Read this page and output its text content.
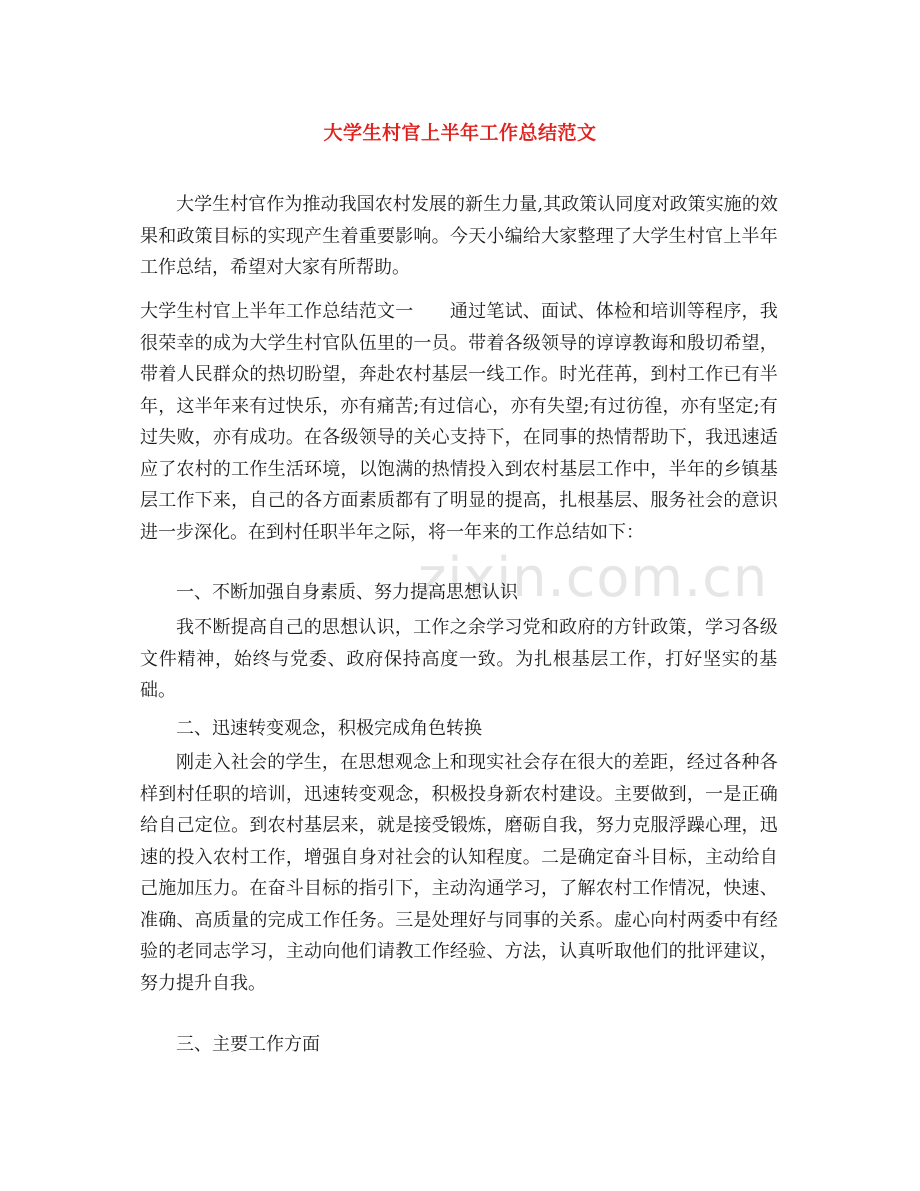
大学生村官上半年工作总结范文
zixin.com.cn
大学生村官作为推动我国农村发展的新生力量,其政策认同度对政策实施的效
果和政策目标的实现产生着重要影响。今天小编给大家整理了大学生村官上半年
工作总结，希望对大家有所帮助。
大学生村官上半年工作总结范文一　　通过笔试、面试、体检和培训等程序，我
很荣幸的成为大学生村官队伍里的一员。带着各级领导的谆谆教诲和殷切希望，
带着人民群众的热切盼望，奔赴农村基层一线工作。时光荏苒，到村工作已有半
年，这半年来有过快乐，亦有痛苦;有过信心，亦有失望;有过彷徨，亦有坚定;有
过失败，亦有成功。在各级领导的关心支持下，在同事的热情帮助下，我迅速适
应了农村的工作生活环境，以饱满的热情投入到农村基层工作中，半年的乡镇基
层工作下来，自己的各方面素质都有了明显的提高，扎根基层、服务社会的意识
进一步深化。在到村任职半年之际，将一年来的工作总结如下：
一、不断加强自身素质、努力提高思想认识
我不断提高自己的思想认识，工作之余学习党和政府的方针政策，学习各级
文件精神，始终与党委、政府保持高度一致。为扎根基层工作，打好坚实的基
础。
二、迅速转变观念，积极完成角色转换
刚走入社会的学生，在思想观念上和现实社会存在很大的差距，经过各种各
样到村任职的培训，迅速转变观念，积极投身新农村建设。主要做到，一是正确
给自己定位。到农村基层来，就是接受锻炼，磨砺自我，努力克服浮躁心理，迅
速的投入农村工作，增强自身对社会的认知程度。二是确定奋斗目标，主动给自
己施加压力。在奋斗目标的指引下，主动沟通学习，了解农村工作情况，快速、
准确、高质量的完成工作任务。三是处理好与同事的关系。虚心向村两委中有经
验的老同志学习，主动向他们请教工作经验、方法，认真听取他们的批评建议，
努力提升自我。
三、主要工作方面
